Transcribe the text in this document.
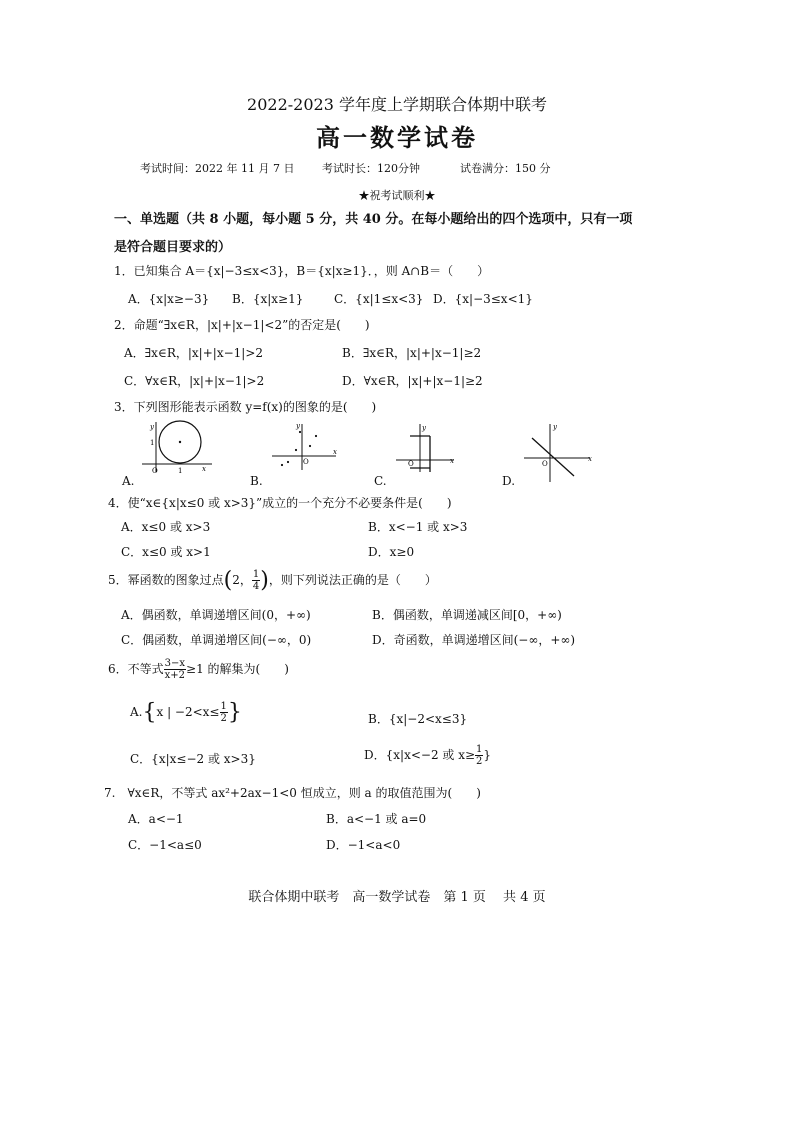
2022-2023 学年度上学期联合体期中联考
高一数学试卷
考试时间：2022 年 11 月 7 日	考试时长：120分钟	试卷满分：150 分
★祝考试顺利★
一、单选题（共 8 小题，每小题 5 分，共 40 分。在每小题给出的四个选项中，只有一项
是符合题目要求的）
1．已知集合 A＝{x|−3≤x<3}，B＝{x|x≥1}．，则 A∩B＝（　　）
A．{x|x≥−3} B．{x|x≥1}	C．{x|1≤x<3} D．{x|−3≤x<1}
2．命题“∃x∈R，|x|+|x−1|<2”的否定是(　　)
A．∃x∈R，|x|+|x−1|>2	B．∃x∈R，|x|+|x−1|≥2
C．∀x∈R，|x|+|x−1|>2	D．∀x∈R，|x|+|x−1|≥2
3．下列图形能表示函数 y=f(x)的图象的是(　　)
O	x
y
1
1
A.
O
x
y
B.
O	x
y
C.
O
x
y
D.
4．使“x∈{x|x≤0 或 x>3}”成立的一个充分不必要条件是(　　)
A．x≤0 或 x>3	B．x<−1 或 x>3
C．x≤0 或 x>1	D．x≥0
5．幂函数的图象过点(2， $\frac{1}{4}$ )，则下列说法正确的是（　　）
A．偶函数，单调递增区间(0，+∞)	B．偶函数，单调递减区间[0，+∞)
C．偶函数，单调递增区间(−∞，0)	D．奇函数，单调递增区间(−∞，+∞)
6．不等式 $\frac{3-x}{x+2} \ge 1$ 的解集为(　　)
A.{x | $-2<x\le \frac{1}{2}$ }	B．{x|−2<x≤3}
C．{x|x≤−2 或 x>3}	D．{x|x<−2 或 $x\ge \frac{1}{2}$ }
7.　∀x∈R，不等式 ax²+2ax−1<0 恒成立，则 a 的取值范围为(　　)
A．a<−1	B．a<−1 或 a=0
C．−1<a≤0	D．−1<a<0
联合体期中联考　高一数学试卷　第 1 页　 共 4 页
